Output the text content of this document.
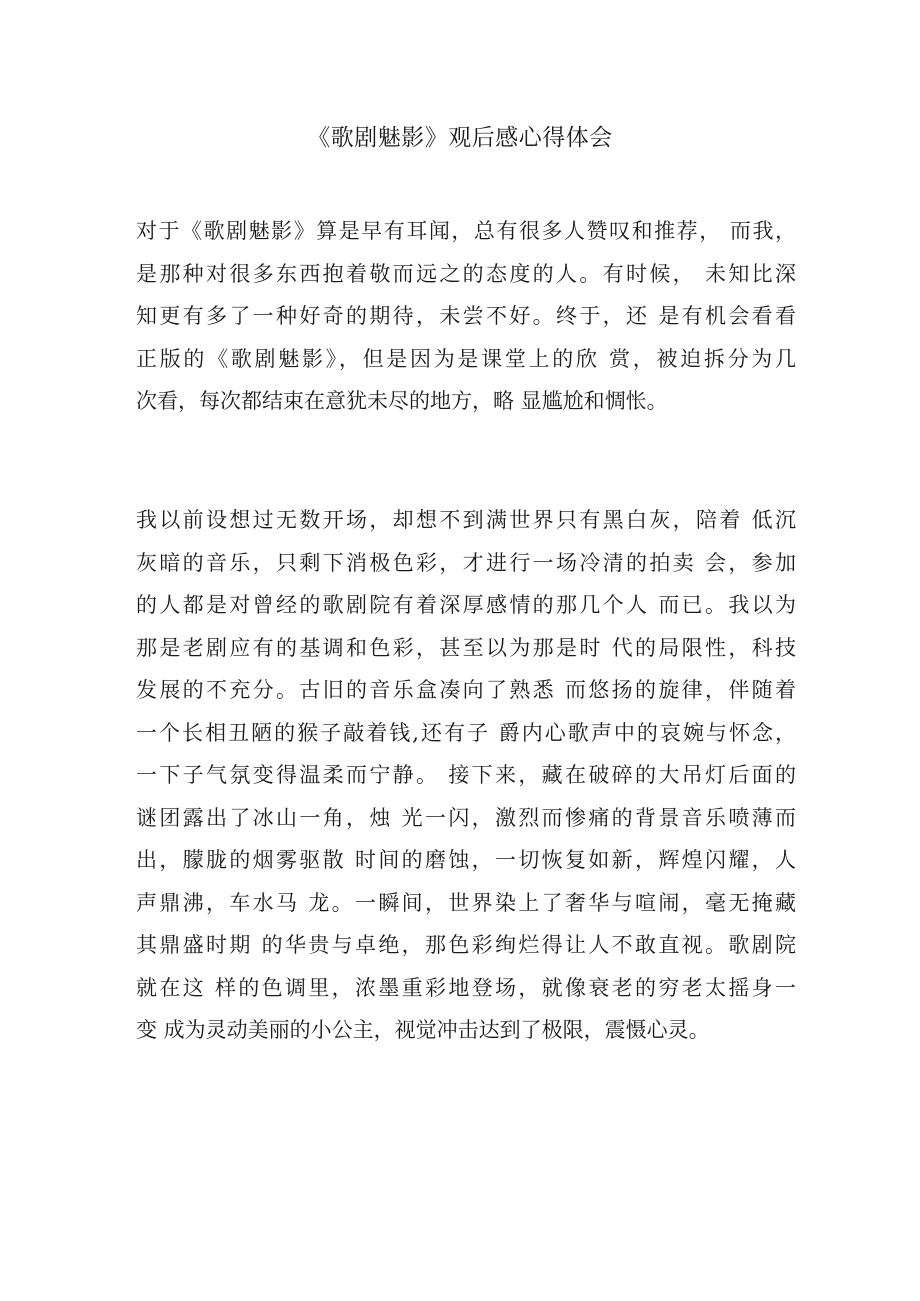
《歌剧魅影》观后感心得体会
对于《歌剧魅影》算是早有耳闻，总有很多人赞叹和推荐， 而我，
是那种对很多东西抱着敬而远之的态度的人。有时候， 未知比深
知更有多了一种好奇的期待，未尝不好。终于，还 是有机会看看
正版的《歌剧魅影》，但是因为是课堂上的欣 赏，被迫拆分为几
次看，每次都结束在意犹未尽的地方，略 显尴尬和惆怅。
我以前设想过无数开场，却想不到满世界只有黑白灰，陪着 低沉
灰暗的音乐，只剩下消极色彩，才进行一场冷清的拍卖 会，参加
的人都是对曾经的歌剧院有着深厚感情的那几个人 而已。我以为
那是老剧应有的基调和色彩，甚至以为那是时 代的局限性，科技
发展的不充分。古旧的音乐盒凑向了熟悉 而悠扬的旋律，伴随着
一个长相丑陋的猴子敲着钱,还有子 爵内心歌声中的哀婉与怀念，
一下子气氛变得温柔而宁静。 接下来，藏在破碎的大吊灯后面的
谜团露出了冰山一角，烛 光一闪，激烈而惨痛的背景音乐喷薄而
出，朦胧的烟雾驱散 时间的磨蚀，一切恢复如新，辉煌闪耀，人
声鼎沸，车水马 龙。一瞬间，世界染上了奢华与喧闹，毫无掩藏
其鼎盛时期 的华贵与卓绝，那色彩绚烂得让人不敢直视。歌剧院
就在这 样的色调里，浓墨重彩地登场，就像衰老的穷老太摇身一
变 成为灵动美丽的小公主，视觉冲击达到了极限，震慑心灵。
